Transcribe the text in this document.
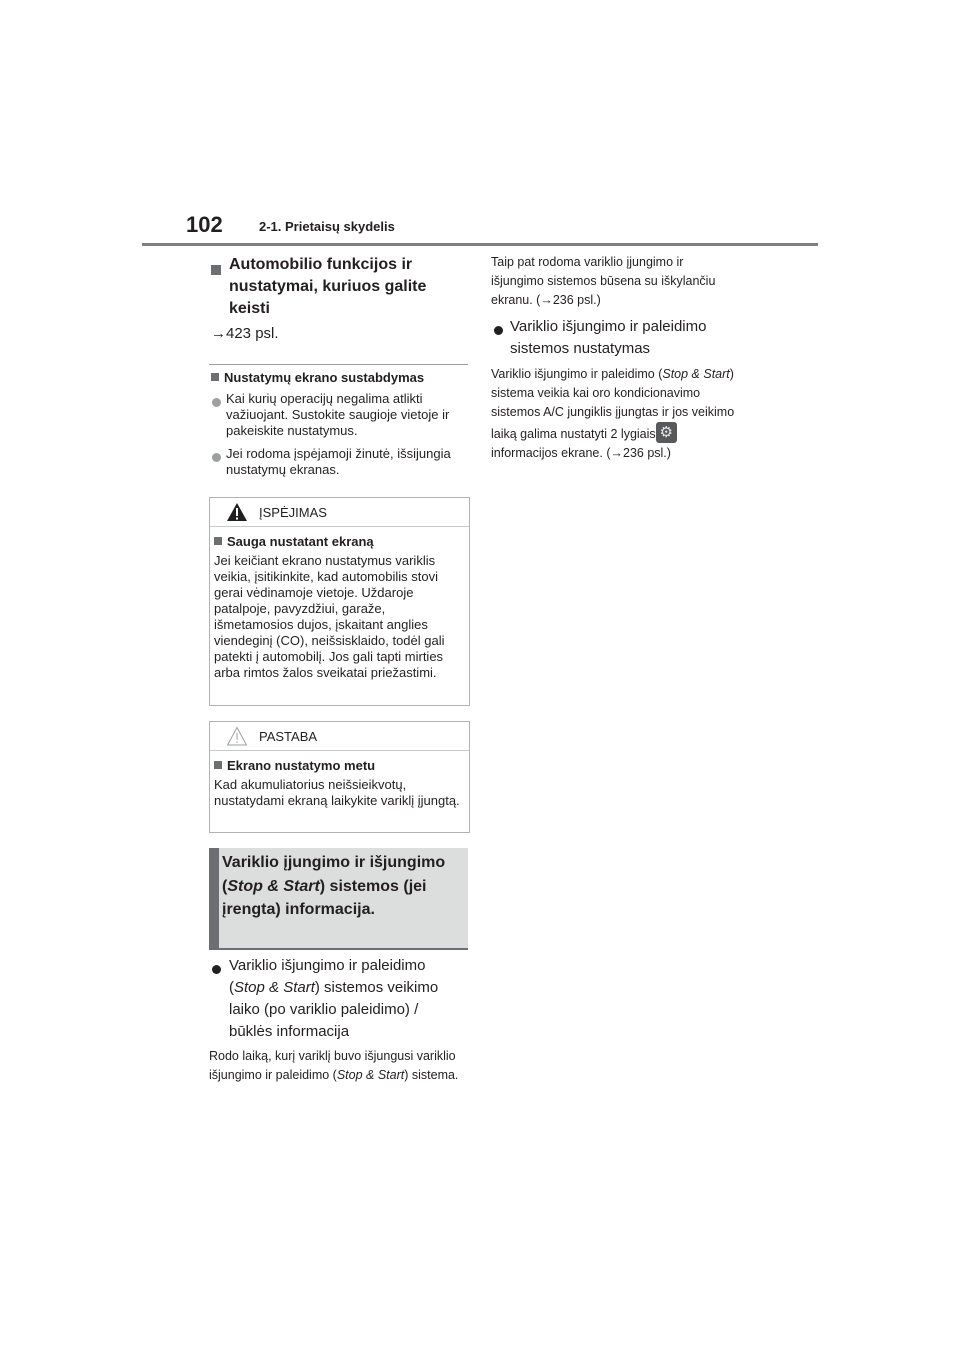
102	2-1. Prietaisų skydelis
Automobilio funkcijos ir nustatymai, kuriuos galite keisti
→423 psl.
Nustatymų ekrano sustabdymas
Kai kurių operacijų negalima atlikti važiuojant. Sustokite saugioje vietoje ir pakeiskite nustatymus.
Jei rodoma įspėjamoji žinutė, išsijungia nustatymų ekranas.
ĮSPĖJIMAS
Sauga nustatant ekraną
Jei keičiant ekrano nustatymus variklis veikia, įsitikinkite, kad automobilis stovi gerai vėdinamoje vietoje. Uždaroje patalpoje, pavyzdžiui, garaže, išmetamosios dujos, įskaitant anglies viendeginį (CO), neišsisklaido, todėl gali patekti į automobilį. Jos gali tapti mirties arba rimtos žalos sveikatai priežastimi.
PASTABA
Ekrano nustatymo metu
Kad akumuliatorius neišsieikvotų, nustatydami ekraną laikykite variklį įjungtą.
Variklio įjungimo ir išjungimo (Stop & Start) sistemos (jei įrengta) informacija.
Variklio išjungimo ir paleidimo (Stop & Start) sistemos veikimo laiko (po variklio paleidimo) / būklės informacija
Rodo laiką, kurį variklį buvo išjungusi variklio išjungimo ir paleidimo (Stop & Start) sistema.
Taip pat rodoma variklio įjungimo ir išjungimo sistemos būsena su iškylančiu ekranu. (→236 psl.)
Variklio išjungimo ir paleidimo sistemos nustatymas
Variklio išjungimo ir paleidimo (Stop & Start) sistema veikia kai oro kondicionavimo sistemos A/C jungiklis įjungtas ir jos veikimo laiką galima nustatyti 2 lygiais ⚙
informacijos ekrane. (→236 psl.)
